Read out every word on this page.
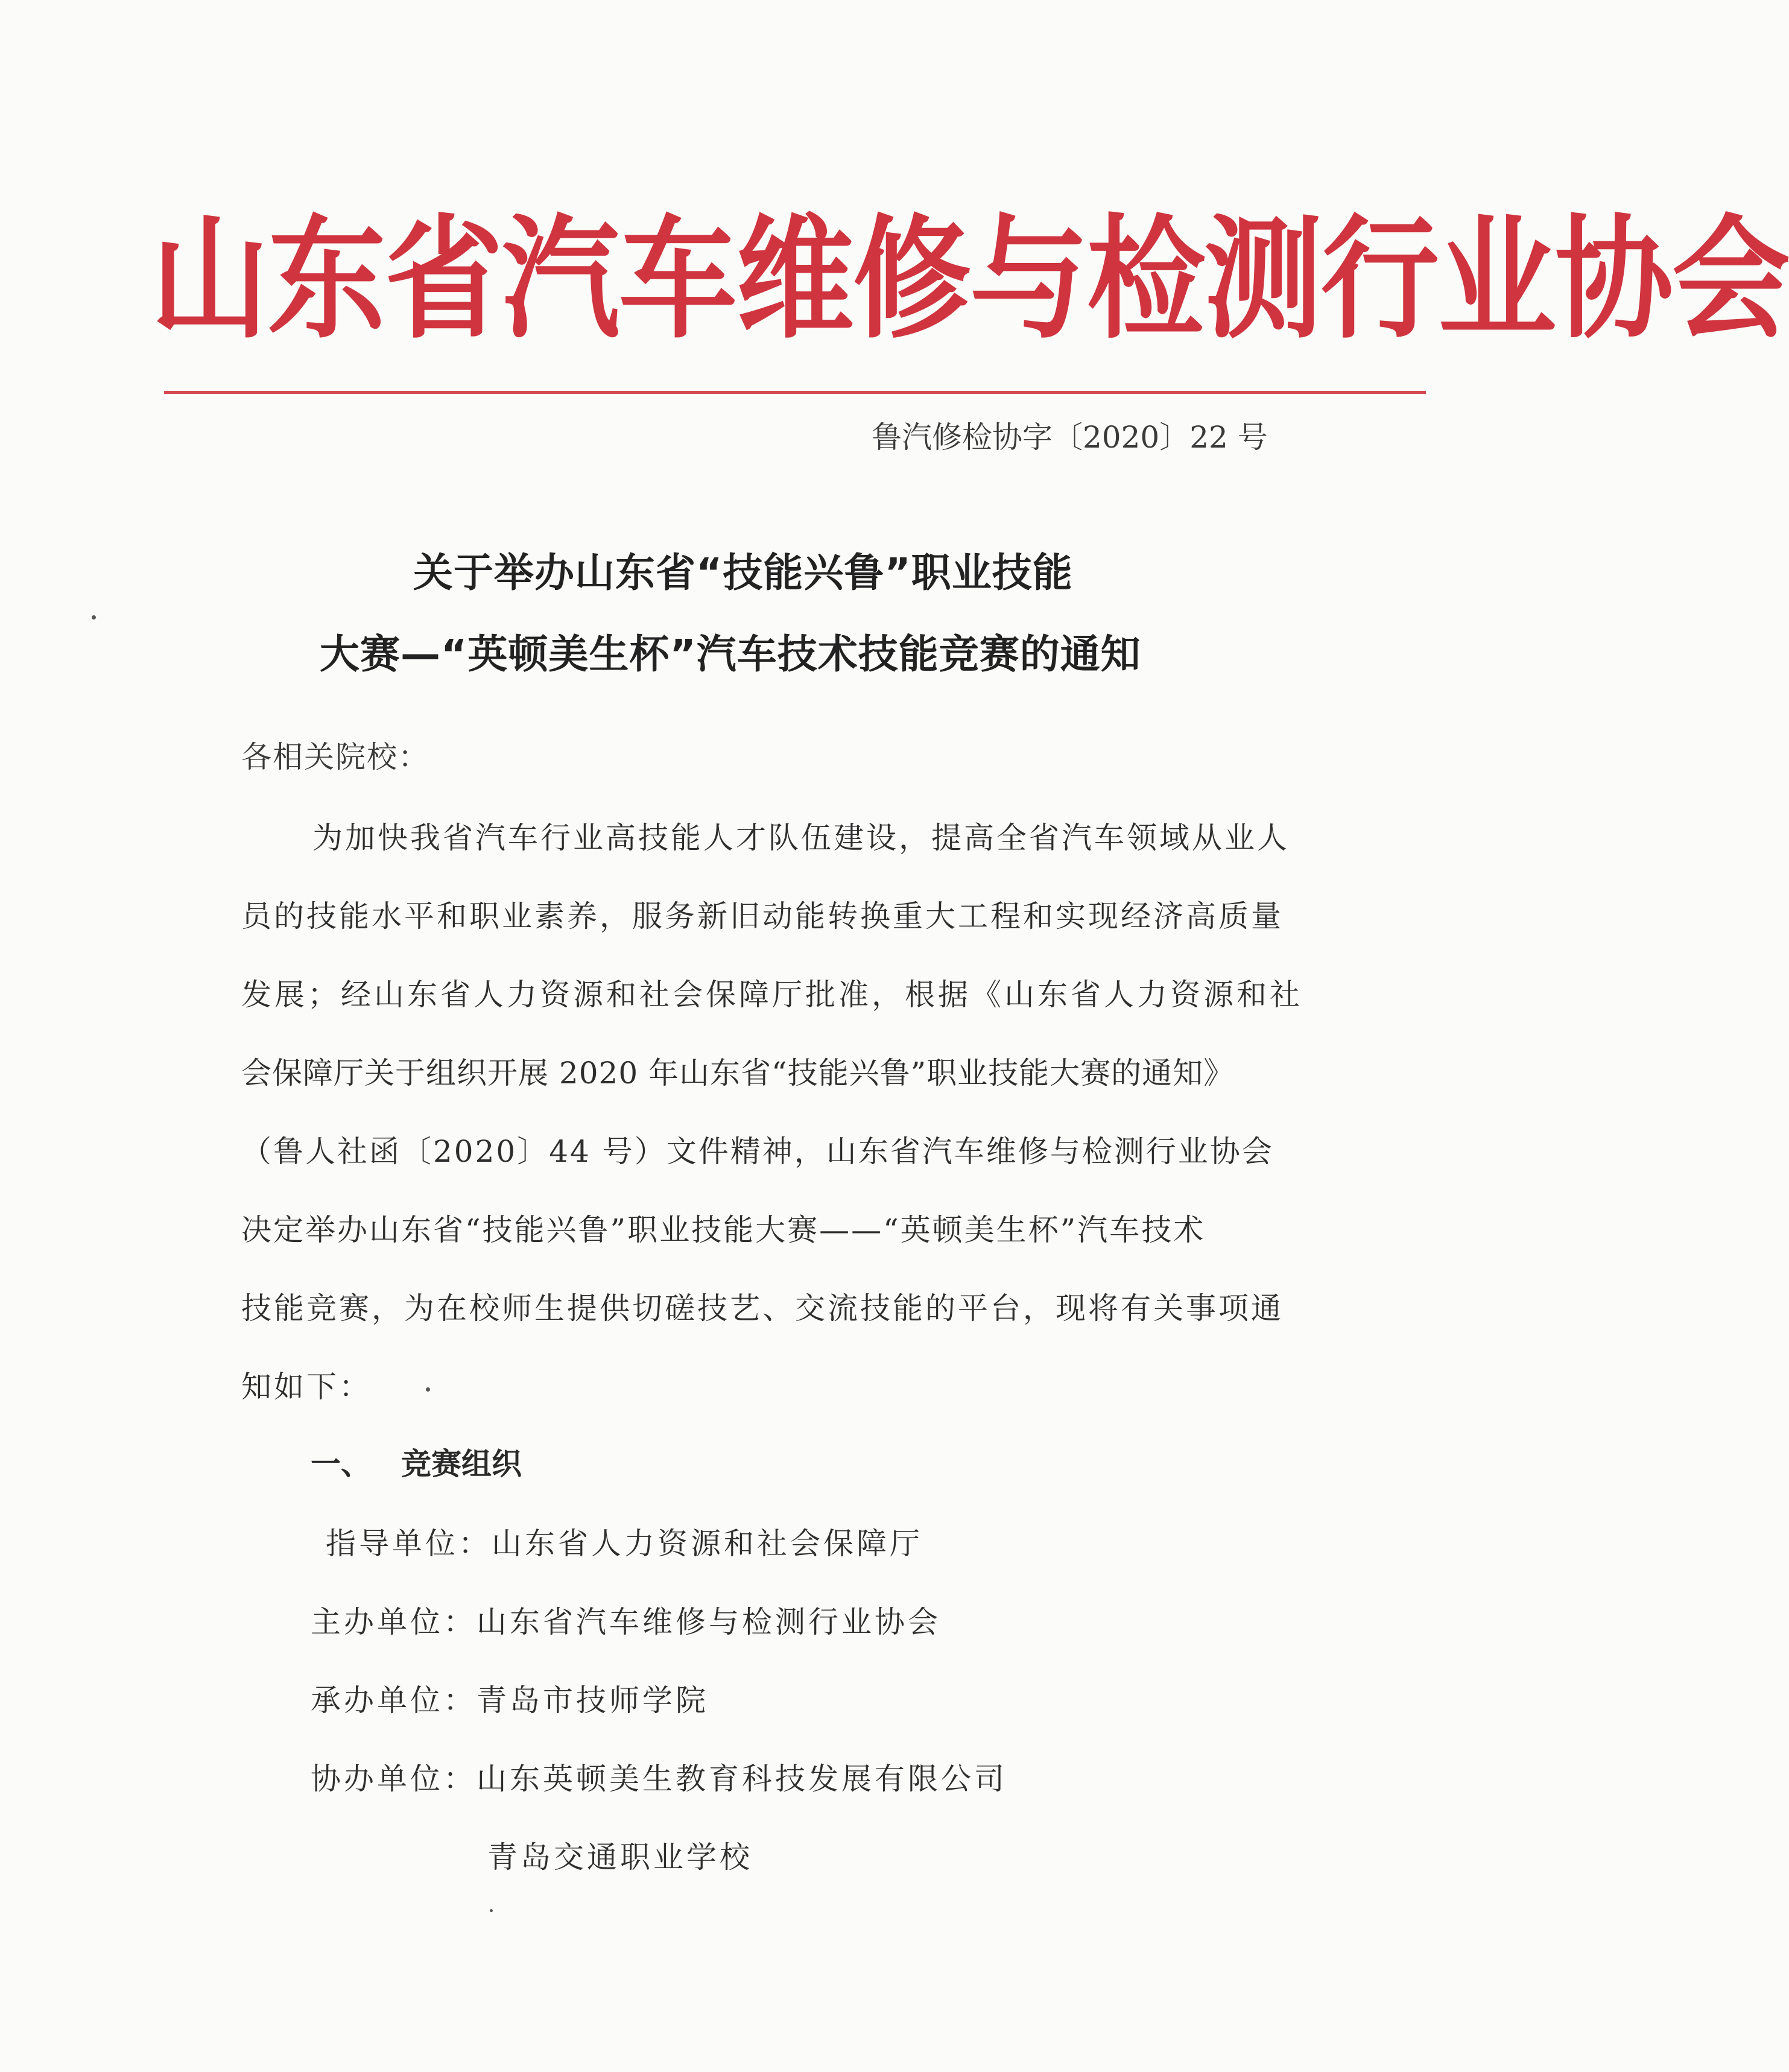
山东省汽车维修与检测行业协会
鲁汽修检协字〔2020〕22 号
关于举办山东省“技能兴鲁”职业技能
大赛—“英顿美生杯”汽车技术技能竞赛的通知
各相关院校：
为加快我省汽车行业高技能人才队伍建设，提高全省汽车领域从业人
员的技能水平和职业素养，服务新旧动能转换重大工程和实现经济高质量
发展；经山东省人力资源和社会保障厅批准，根据《山东省人力资源和社
会保障厅关于组织开展 2020 年山东省“技能兴鲁”职业技能大赛的通知》
（鲁人社函〔2020〕44 号）文件精神，山东省汽车维修与检测行业协会
决定举办山东省“技能兴鲁”职业技能大赛——“英顿美生杯”汽车技术
技能竞赛，为在校师生提供切磋技艺、交流技能的平台，现将有关事项通
知如下：
一、 竞赛组织
指导单位：山东省人力资源和社会保障厅
主办单位：山东省汽车维修与检测行业协会
承办单位：青岛市技师学院
协办单位：山东英顿美生教育科技发展有限公司
青岛交通职业学校
